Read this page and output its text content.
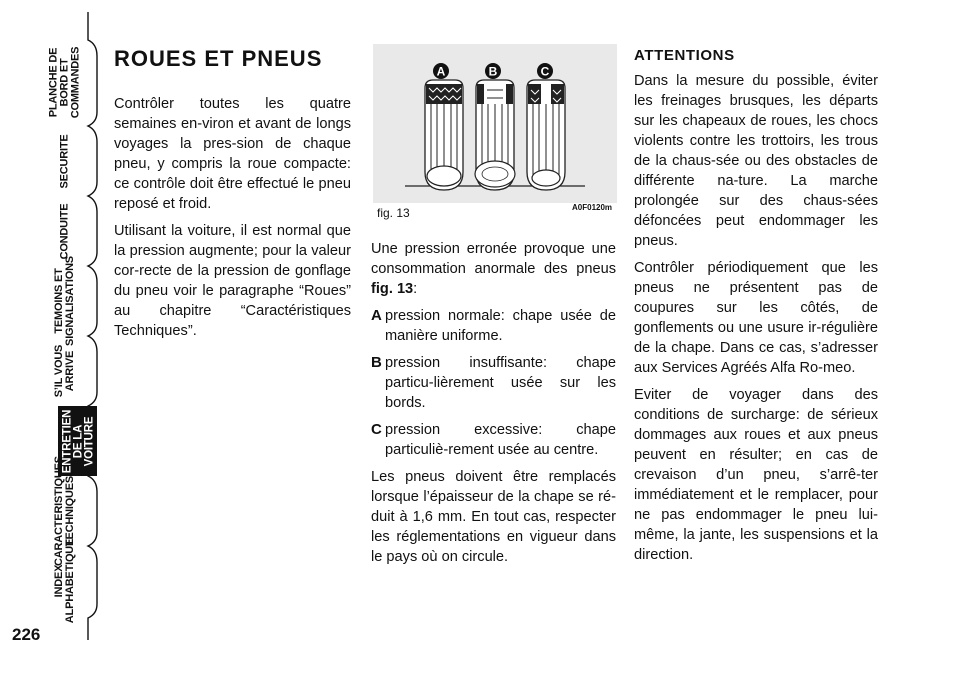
PLANCHE DE
BORD ET
COMMANDES
SECURITE
CONDUITE
TEMOINS ET
SIGNALISATIONS
S’IL VOUS
ARRIVE
ENTRETIEN
DE LA VOITURE
CARACTERISTIQUES
TECHNIQUES
INDEX
ALPHABETIQUE
226
ROUES ET PNEUS

Contrôler toutes les quatre semaines en-viron et avant de longs voyages la pres-sion de chaque pneu, y compris la roue compacte: ce contrôle doit être effectué le pneu reposé et froid.

Utilisant la voiture, il est normal que la pression augmente; pour la valeur cor-recte de la pression de gonflage du pneu voir le paragraphe “Roues” au chapitre “Caractéristiques Techniques”.

A	B	C
fig. 13	A0F0120m

Une pression erronée provoque une consommation anormale des pneus fig. 13:

A pression normale: chape usée de manière uniforme.
B pression insuffisante: chape particu-lièrement usée sur les bords.
C pression excessive: chape particuliè-rement usée au centre.

Les pneus doivent être remplacés lorsque l’épaisseur de la chape se ré-duit à 1,6 mm. En tout cas, respecter les réglementations en vigueur dans le pays où on circule.

ATTENTIONS

Dans la mesure du possible, éviter les freinages brusques, les départs sur les chapeaux de roues, les chocs violents contre les trottoirs, les trous de la chaus-sée ou des obstacles de différente na-ture. La marche prolongée sur des chaus-sées défoncées peut endommager les pneus.

Contrôler périodiquement que les pneus ne présentent pas de coupures sur les côtés, de gonflements ou une usure ir-régulière de la chape. Dans ce cas, s’adresser aux Services Agréés Alfa Ro-meo.

Eviter de voyager dans des conditions de surcharge: de sérieux dommages aux roues et aux pneus peuvent en résulter; en cas de crevaison d’un pneu, s’arrê-ter immédiatement et le remplacer, pour ne pas endommager le pneu lui-même, la jante, les suspensions et la direction.
